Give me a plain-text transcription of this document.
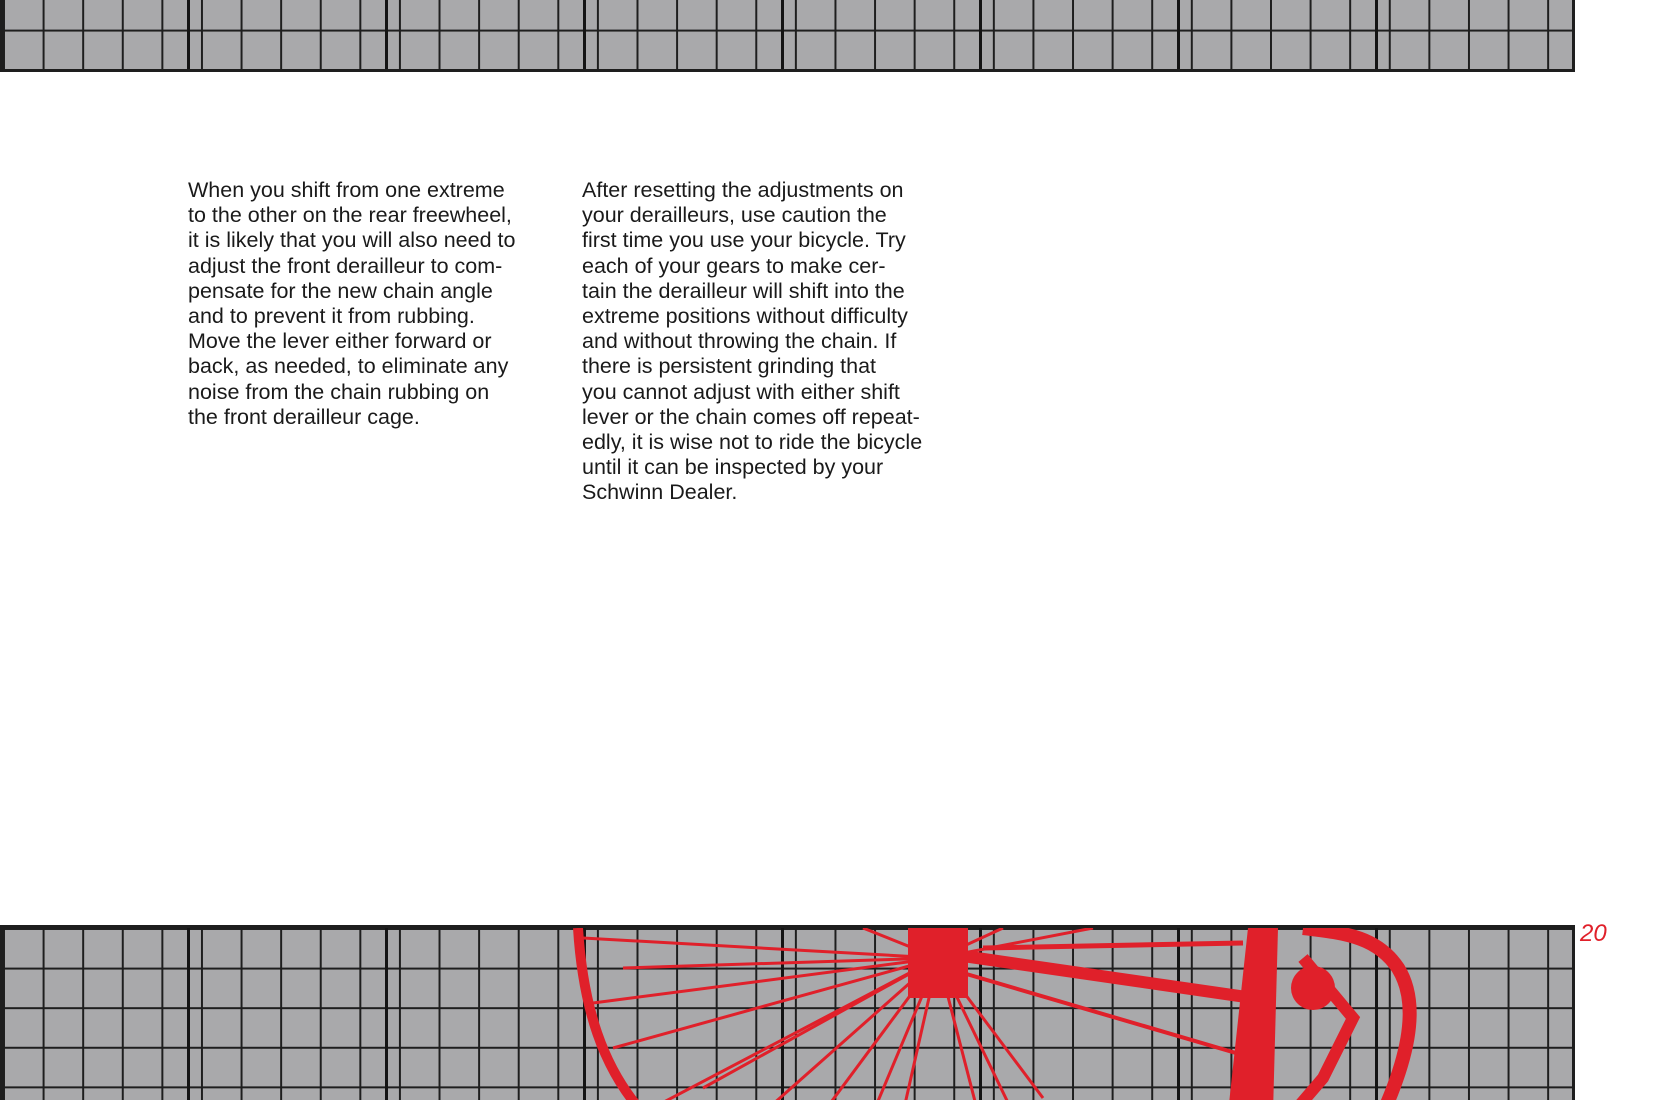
When you shift from one extreme
to the other on the rear freewheel,
it is likely that you will also need to
adjust the front derailleur to com-
pensate for the new chain angle
and to prevent it from rubbing.
Move the lever either forward or
back, as needed, to eliminate any
noise from the chain rubbing on
the front derailleur cage.
After resetting the adjustments on
your derailleurs, use caution the
first time you use your bicycle. Try
each of your gears to make cer-
tain the derailleur will shift into the
extreme positions without difficulty
and without throwing the chain. If
there is persistent grinding that
you cannot adjust with either shift
lever or the chain comes off repeat-
edly, it is wise not to ride the bicycle
until it can be inspected by your
Schwinn Dealer.
20
